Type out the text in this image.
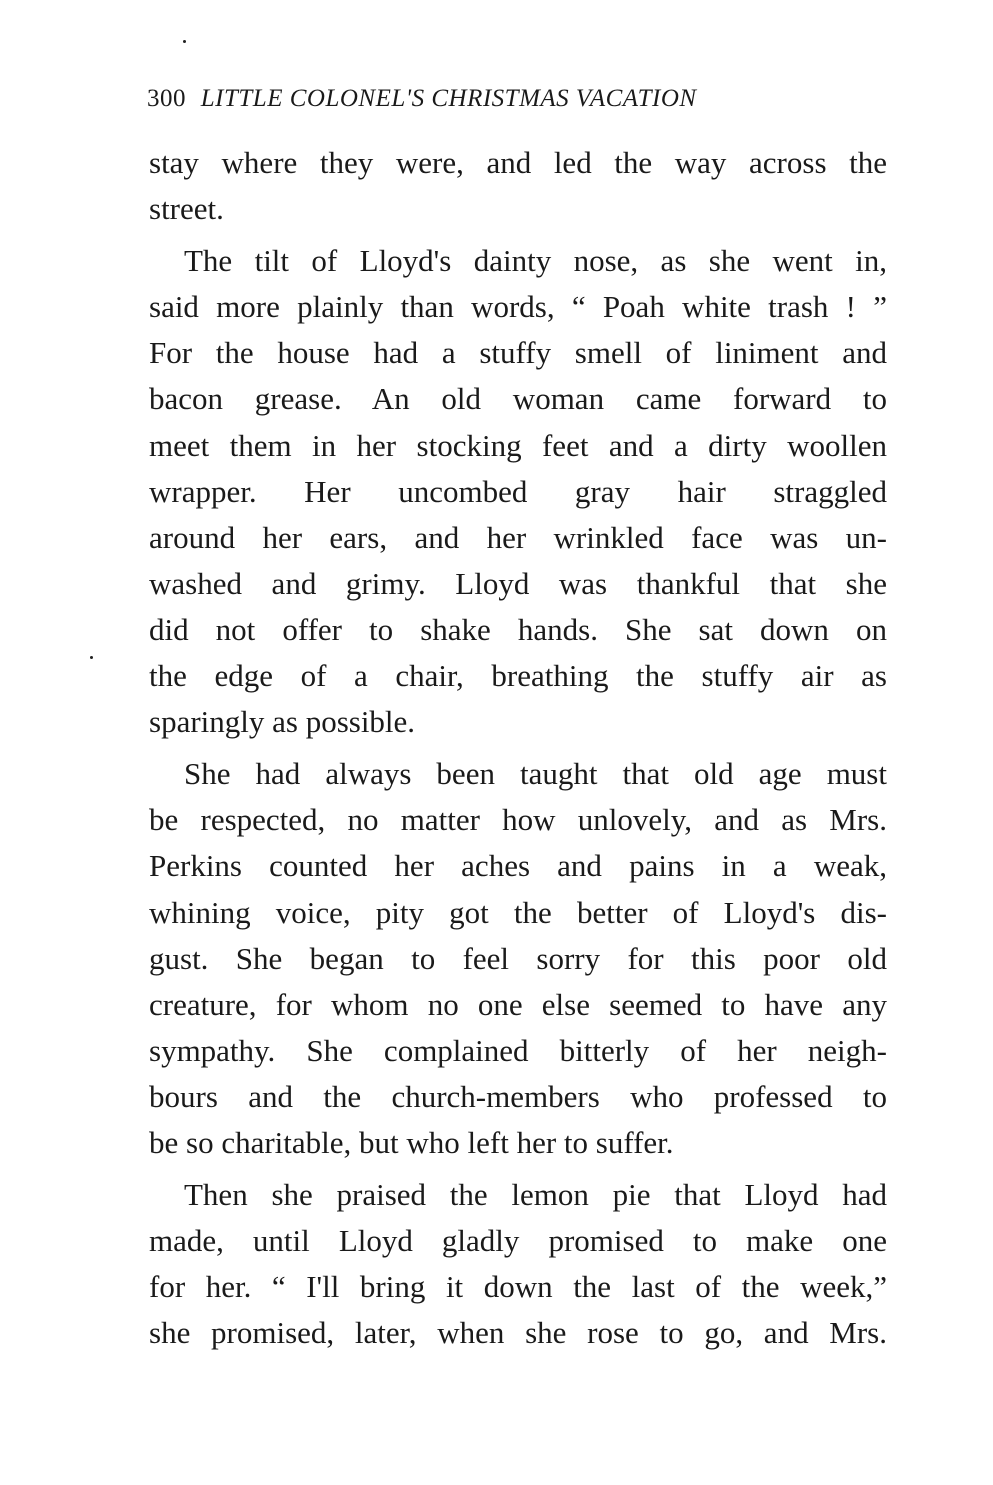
300 LITTLE COLONEL'S CHRISTMAS VACATION
stay where they were, and led the way across the
street.
The tilt of Lloyd's dainty nose, as she went in,
said more plainly than words, “ Poah white trash ! ”
For the house had a stuffy smell of liniment and
bacon grease. An old woman came forward to
meet them in her stocking feet and a dirty woollen
wrapper. Her uncombed gray hair straggled
around her ears, and her wrinkled face was un-
washed and grimy. Lloyd was thankful that she
did not offer to shake hands. She sat down on
the edge of a chair, breathing the stuffy air as
sparingly as possible.
She had always been taught that old age must
be respected, no matter how unlovely, and as Mrs.
Perkins counted her aches and pains in a weak,
whining voice, pity got the better of Lloyd's dis-
gust. She began to feel sorry for this poor old
creature, for whom no one else seemed to have any
sympathy. She complained bitterly of her neigh-
bours and the church-members who professed to
be so charitable, but who left her to suffer.
Then she praised the lemon pie that Lloyd had
made, until Lloyd gladly promised to make one
for her. “ I'll bring it down the last of the week,”
she promised, later, when she rose to go, and Mrs.
